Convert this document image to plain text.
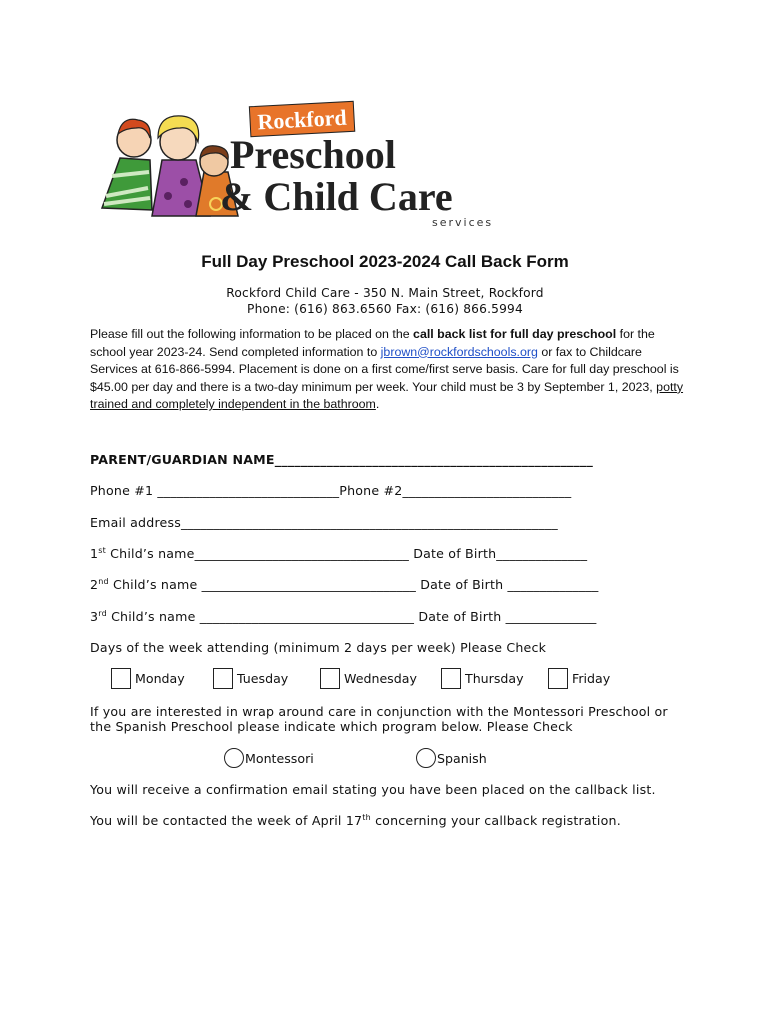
Rockford
Preschool
& Child Care
services
Full Day Preschool 2023-2024 Call Back Form
Rockford Child Care - 350 N. Main Street, Rockford
Phone: (616) 863.6560 Fax: (616) 866.5994
Please fill out the following information to be placed on the call back list for full day preschool for the school year 2023-24. Send completed information to jbrown@rockfordschools.org or fax to Childcare Services at 616-866-5994. Placement is done on a first come/first serve basis. Care for full day preschool is $45.00 per day and there is a two-day minimum per week. Your child must be 3 by September 1, 2023, potty trained and completely independent in the bathroom.
PARENT/GUARDIAN NAME_________________________________________________
Phone #1 ____________________________Phone #2__________________________
Email address__________________________________________________________
1st Child’s name_________________________________ Date of Birth______________
2nd Child’s name _________________________________ Date of Birth ______________
3rd Child’s name _________________________________ Date of Birth ______________
Days of the week attending (minimum 2 days per week) Please Check
Monday	Tuesday	Wednesday	Thursday	Friday
If you are interested in wrap around care in conjunction with the Montessori Preschool or
the Spanish Preschool please indicate which program below. Please Check
Montessori	Spanish
You will receive a confirmation email stating you have been placed on the callback list.
You will be contacted the week of April 17th concerning your callback registration.
